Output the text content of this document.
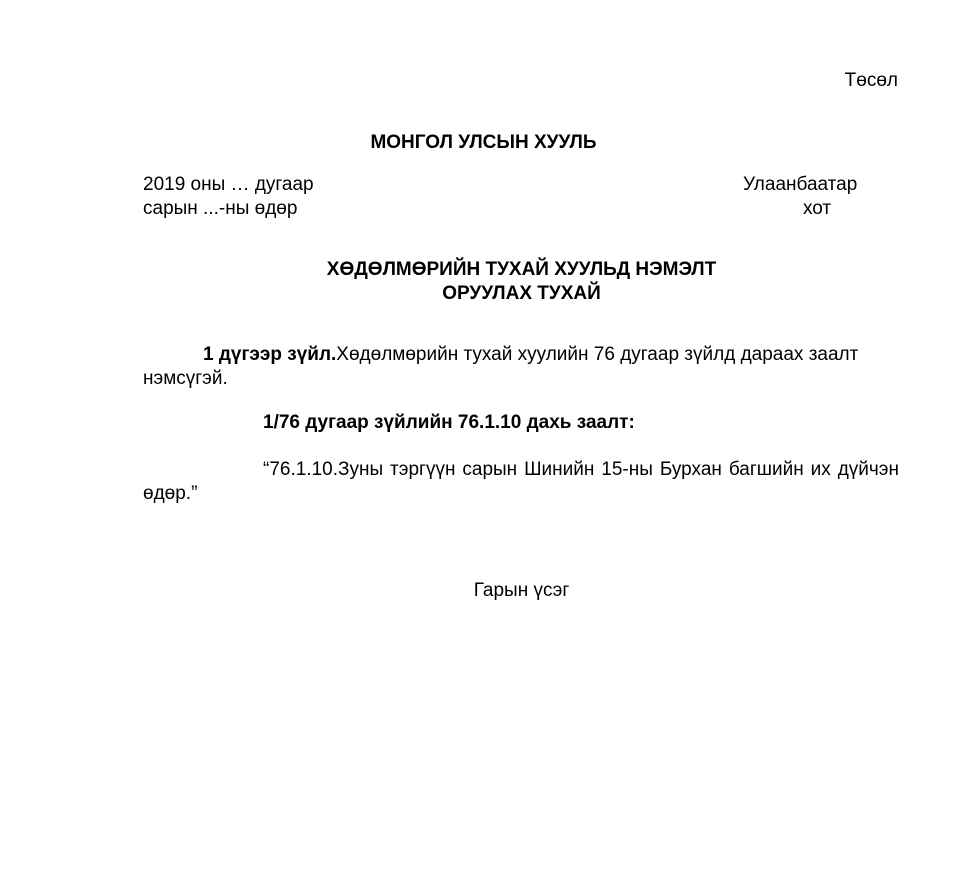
Төсөл
МОНГОЛ УЛСЫН ХУУЛЬ
2019 оны … дугаар
сарын ...-ны өдөр
Улаанбаатар
хот
ХӨДӨЛМӨРИЙН ТУХАЙ ХУУЛЬД НЭМЭЛТ
ОРУУЛАХ ТУХАЙ
1 дүгээр зүйл.Хөдөлмөрийн тухай хуулийн 76 дугаар зүйлд дараах заалт нэмсүгэй.
1/76 дугаар зүйлийн 76.1.10 дахь заалт:
“76.1.10.Зуны тэргүүн сарын Шинийн 15-ны Бурхан багшийн их дүйчэн өдөр.”
Гарын үсэг
